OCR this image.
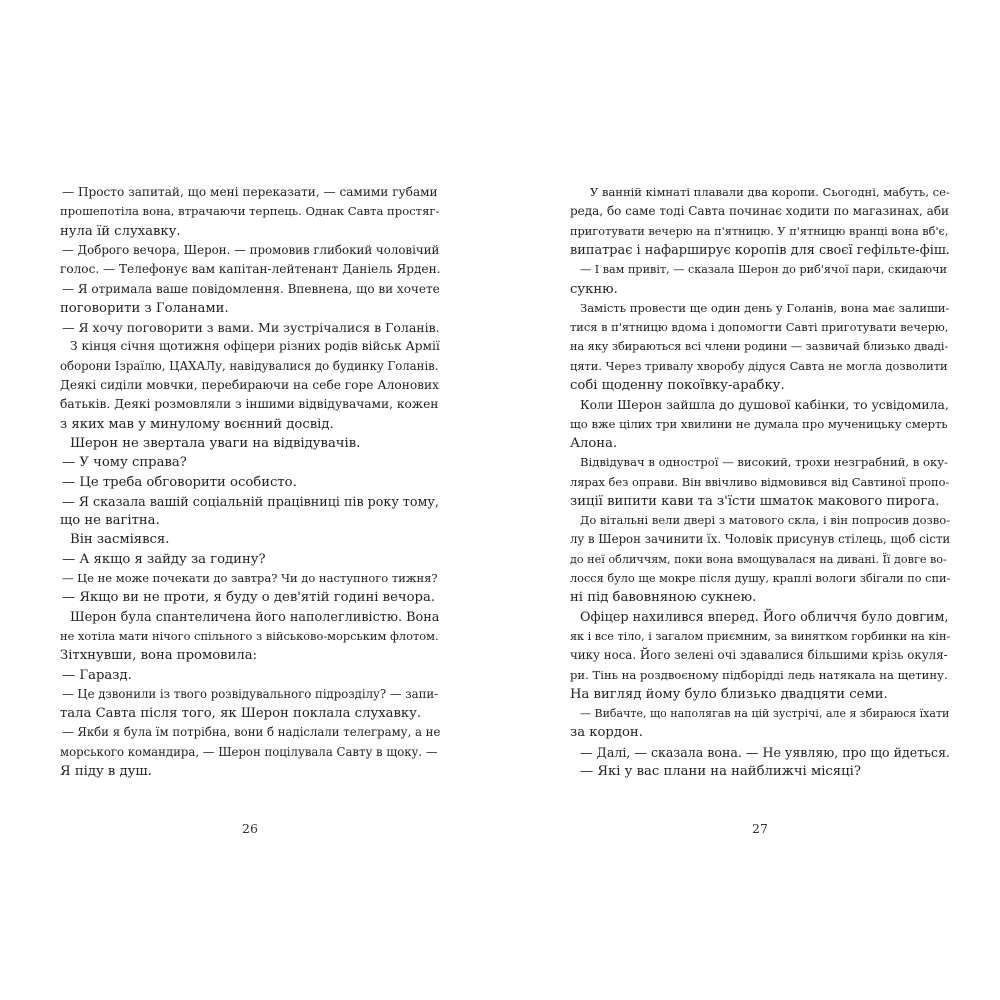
— Просто запитай, що мені переказати, — самими губами
прошепотіла вона, втрачаючи терпець. Однак Савта простяг-
нула їй слухавку.
— Доброго вечора, Шерон. — промовив глибокий чоловічий
голос. — Телефонує вам капітан-лейтенант Даніель Ярден.
— Я отримала ваше повідомлення. Впевнена, що ви хочете
поговорити з Голанами.
— Я хочу поговорити з вами. Ми зустрічалися в Голанів.
З кінця січня щотижня офіцери різних родів військ Армії
оборони Ізраїлю, ЦАХАЛу, навідувалися до будинку Голанів.
Деякі сиділи мовчки, перебираючи на себе горе Алонових
батьків. Деякі розмовляли з іншими відвідувачами, кожен
з яких мав у минулому воєнний досвід.
Шерон не звертала уваги на відвідувачів.
— У чому справа?
— Це треба обговорити особисто.
— Я сказала вашій соціальній працівниці пів року тому,
що не вагітна.
Він засміявся.
— А якщо я зайду за годину?
— Це не може почекати до завтра? Чи до наступного тижня?
— Якщо ви не проти, я буду о дев'ятій годині вечора.
Шерон була спантеличена його наполегливістю. Вона
не хотіла мати нічого спільного з військово-морським флотом.
Зітхнувши, вона промовила:
— Гаразд.
— Це дзвонили із твого розвідувального підрозділу? — запи-
тала Савта після того, як Шерон поклала слухавку.
— Якби я була їм потрібна, вони б надіслали телеграму, а не
морського командира, — Шерон поцілувала Савту в щоку. —
Я піду в душ.
26
У ванній кімнаті плавали два коропи. Сьогодні, мабуть, се-
реда, бо саме тоді Савта починає ходити по магазинах, аби
приготувати вечерю на п'ятницю. У п'ятницю вранці вона вб'є,
випатрає і нафарширує коропів для своєї гефільте-фіш.
— І вам привіт, — сказала Шерон до риб'ячої пари, скидаючи
сукню.
Замість провести ще один день у Голанів, вона має залиши-
тися в п'ятницю вдома і допомогти Савті приготувати вечерю,
на яку збираються всі члени родини — зазвичай близько дваді-
цяти. Через тривалу хворобу дідуся Савта не могла дозволити
собі щоденну покоївку-арабку.
Коли Шерон зайшла до душової кабінки, то усвідомила,
що вже цілих три хвилини не думала про мученицьку смерть
Алона.
Відвідувач в однострої — високий, трохи незграбний, в оку-
лярах без оправи. Він ввічливо відмовився від Савтиної пропо-
зиції випити кави та з'їсти шматок макового пирога.
До вітальні вели двері з матового скла, і він попросив дозво-
лу в Шерон зачинити їх. Чоловік присунув стілець, щоб сісти
до неї обличчям, поки вона вмощувалася на дивані. Її довге во-
лосся було ще мокре після душу, краплі вологи збігали по спи-
ні під бавовняною сукнею.
Офіцер нахилився вперед. Його обличчя було довгим,
як і все тіло, і загалом приємним, за винятком горбинки на кін-
чику носа. Його зелені очі здавалися більшими крізь окуля-
ри. Тінь на роздвоєному підборідді ледь натякала на щетину.
На вигляд йому було близько двадцяти семи.
— Вибачте, що наполягав на цій зустрічі, але я збираюся їхати
за кордон.
— Далі, — сказала вона. — Не уявляю, про що йдеться.
— Які у вас плани на найближчі місяці?
27
